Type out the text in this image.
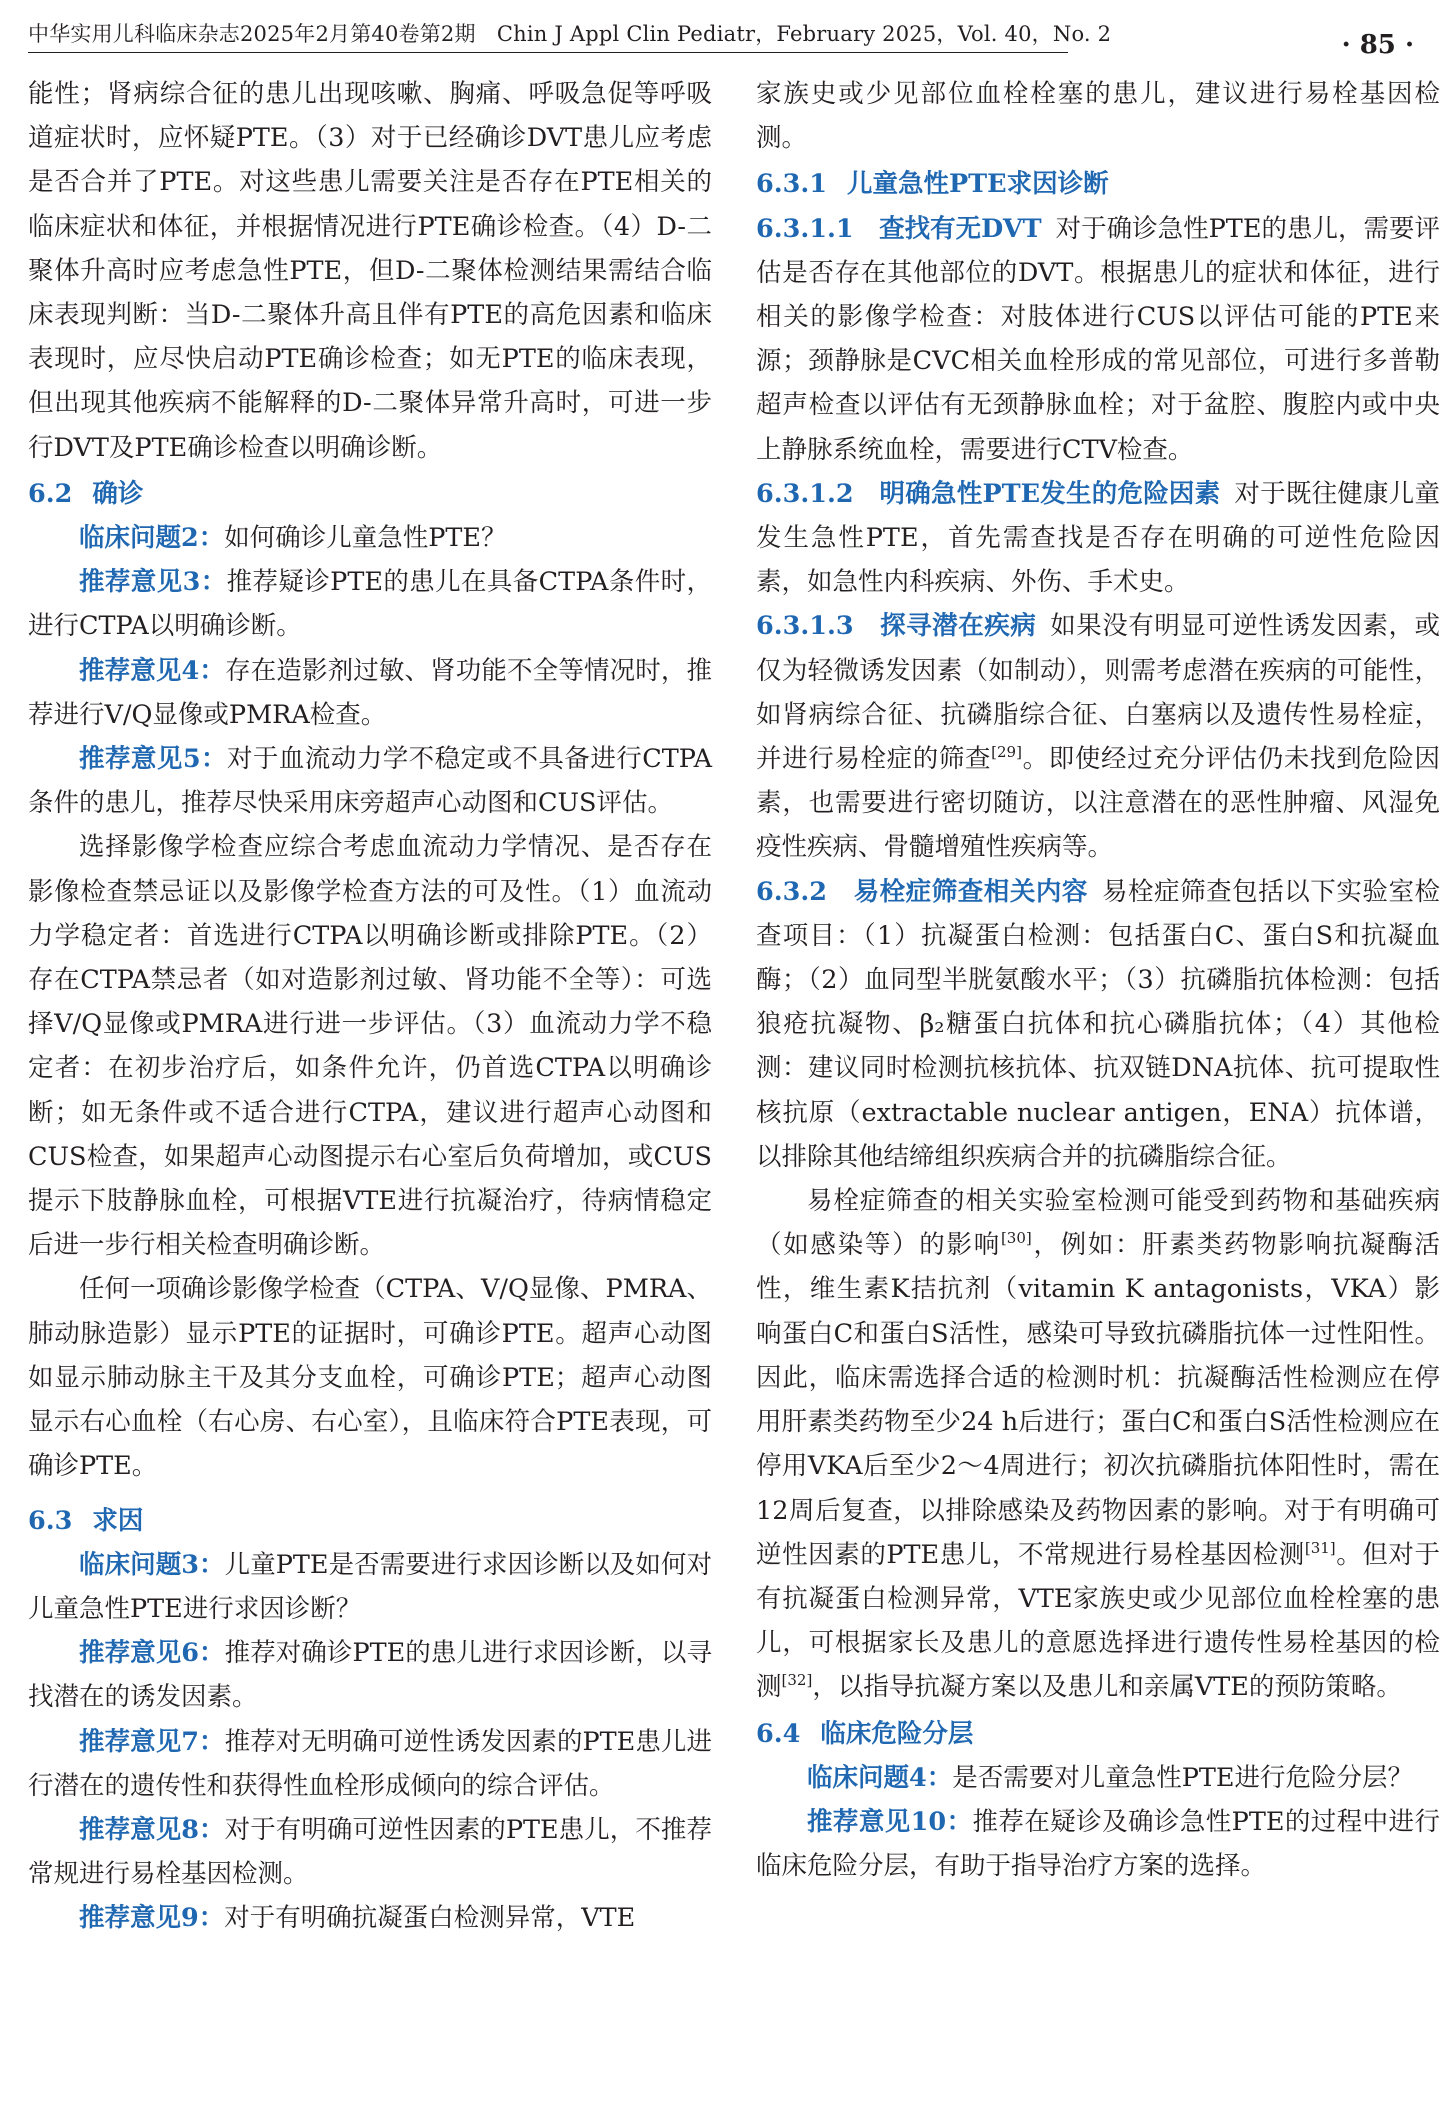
中华实用儿科临床杂志2025年2月第40卷第2期　Chin J Appl Clin Pediatr，February 2025，Vol. 40，No. 2	· 85 ·

能性；肾病综合征的患儿出现咳嗽、胸痛、呼吸急促等呼吸道症状时，应怀疑PTE。（3）对于已经确诊DVT患儿应考虑是否合并了PTE。对这些患儿需要关注是否存在PTE相关的临床症状和体征，并根据情况进行PTE确诊检查。（4）D-二聚体升高时应考虑急性PTE，但D-二聚体检测结果需结合临床表现判断：当D-二聚体升高且伴有PTE的高危因素和临床表现时，应尽快启动PTE确诊检查；如无PTE的临床表现，但出现其他疾病不能解释的D-二聚体异常升高时，可进一步行DVT及PTE确诊检查以明确诊断。

6.2 确诊

临床问题2：如何确诊儿童急性PTE？

推荐意见3：推荐疑诊PTE的患儿在具备CTPA条件时，进行CTPA以明确诊断。

推荐意见4：存在造影剂过敏、肾功能不全等情况时，推荐进行V/Q显像或PMRA检查。

推荐意见5：对于血流动力学不稳定或不具备进行CTPA条件的患儿，推荐尽快采用床旁超声心动图和CUS评估。

选择影像学检查应综合考虑血流动力学情况、是否存在影像检查禁忌证以及影像学检查方法的可及性。（1）血流动力学稳定者：首选进行CTPA以明确诊断或排除PTE。（2）存在CTPA禁忌者（如对造影剂过敏、肾功能不全等）：可选择V/Q显像或PMRA进行进一步评估。（3）血流动力学不稳定者：在初步治疗后，如条件允许，仍首选CTPA以明确诊断；如无条件或不适合进行CTPA，建议进行超声心动图和CUS检查，如果超声心动图提示右心室后负荷增加，或CUS提示下肢静脉血栓，可根据VTE进行抗凝治疗，待病情稳定后进一步行相关检查明确诊断。

任何一项确诊影像学检查（CTPA、V/Q显像、PMRA、肺动脉造影）显示PTE的证据时，可确诊PTE。超声心动图如显示肺动脉主干及其分支血栓，可确诊PTE；超声心动图显示右心血栓（右心房、右心室），且临床符合PTE表现，可确诊PTE。

6.3 求因

临床问题3：儿童PTE是否需要进行求因诊断以及如何对儿童急性PTE进行求因诊断？

推荐意见6：推荐对确诊PTE的患儿进行求因诊断，以寻找潜在的诱发因素。

推荐意见7：推荐对无明确可逆性诱发因素的PTE患儿进行潜在的遗传性和获得性血栓形成倾向的综合评估。

推荐意见8：对于有明确可逆性因素的PTE患儿，不推荐常规进行易栓基因检测。

推荐意见9：对于有明确抗凝蛋白检测异常，VTE

家族史或少见部位血栓栓塞的患儿，建议进行易栓基因检测。

6.3.1 儿童急性PTE求因诊断

6.3.1.1　查找有无DVT 对于确诊急性PTE的患儿，需要评估是否存在其他部位的DVT。根据患儿的症状和体征，进行相关的影像学检查：对肢体进行CUS以评估可能的PTE来源；颈静脉是CVC相关血栓形成的常见部位，可进行多普勒超声检查以评估有无颈静脉血栓；对于盆腔、腹腔内或中央上静脉系统血栓，需要进行CTV检查。

6.3.1.2　明确急性PTE发生的危险因素 对于既往健康儿童发生急性PTE，首先需查找是否存在明确的可逆性危险因素，如急性内科疾病、外伤、手术史。

6.3.1.3　探寻潜在疾病 如果没有明显可逆性诱发因素，或仅为轻微诱发因素（如制动），则需考虑潜在疾病的可能性，如肾病综合征、抗磷脂综合征、白塞病以及遗传性易栓症，并进行易栓症的筛查[29]。即使经过充分评估仍未找到危险因素，也需要进行密切随访，以注意潜在的恶性肿瘤、风湿免疫性疾病、骨髓增殖性疾病等。

6.3.2　易栓症筛查相关内容 易栓症筛查包括以下实验室检查项目：（1）抗凝蛋白检测：包括蛋白C、蛋白S和抗凝血酶；（2）血同型半胱氨酸水平；（3）抗磷脂抗体检测：包括狼疮抗凝物、β₂糖蛋白抗体和抗心磷脂抗体；（4）其他检测：建议同时检测抗核抗体、抗双链DNA抗体、抗可提取性核抗原（extractable nuclear antigen，ENA）抗体谱，以排除其他结缔组织疾病合并的抗磷脂综合征。

易栓症筛查的相关实验室检测可能受到药物和基础疾病（如感染等）的影响[30]，例如：肝素类药物影响抗凝酶活性，维生素K拮抗剂（vitamin K antagonists，VKA）影响蛋白C和蛋白S活性，感染可导致抗磷脂抗体一过性阳性。因此，临床需选择合适的检测时机：抗凝酶活性检测应在停用肝素类药物至少24 h后进行；蛋白C和蛋白S活性检测应在停用VKA后至少2～4周进行；初次抗磷脂抗体阳性时，需在12周后复查，以排除感染及药物因素的影响。对于有明确可逆性因素的PTE患儿，不常规进行易栓基因检测[31]。但对于有抗凝蛋白检测异常，VTE家族史或少见部位血栓栓塞的患儿，可根据家长及患儿的意愿选择进行遗传性易栓基因的检测[32]，以指导抗凝方案以及患儿和亲属VTE的预防策略。

6.4 临床危险分层

临床问题4：是否需要对儿童急性PTE进行危险分层？

推荐意见10：推荐在疑诊及确诊急性PTE的过程中进行临床危险分层，有助于指导治疗方案的选择。
